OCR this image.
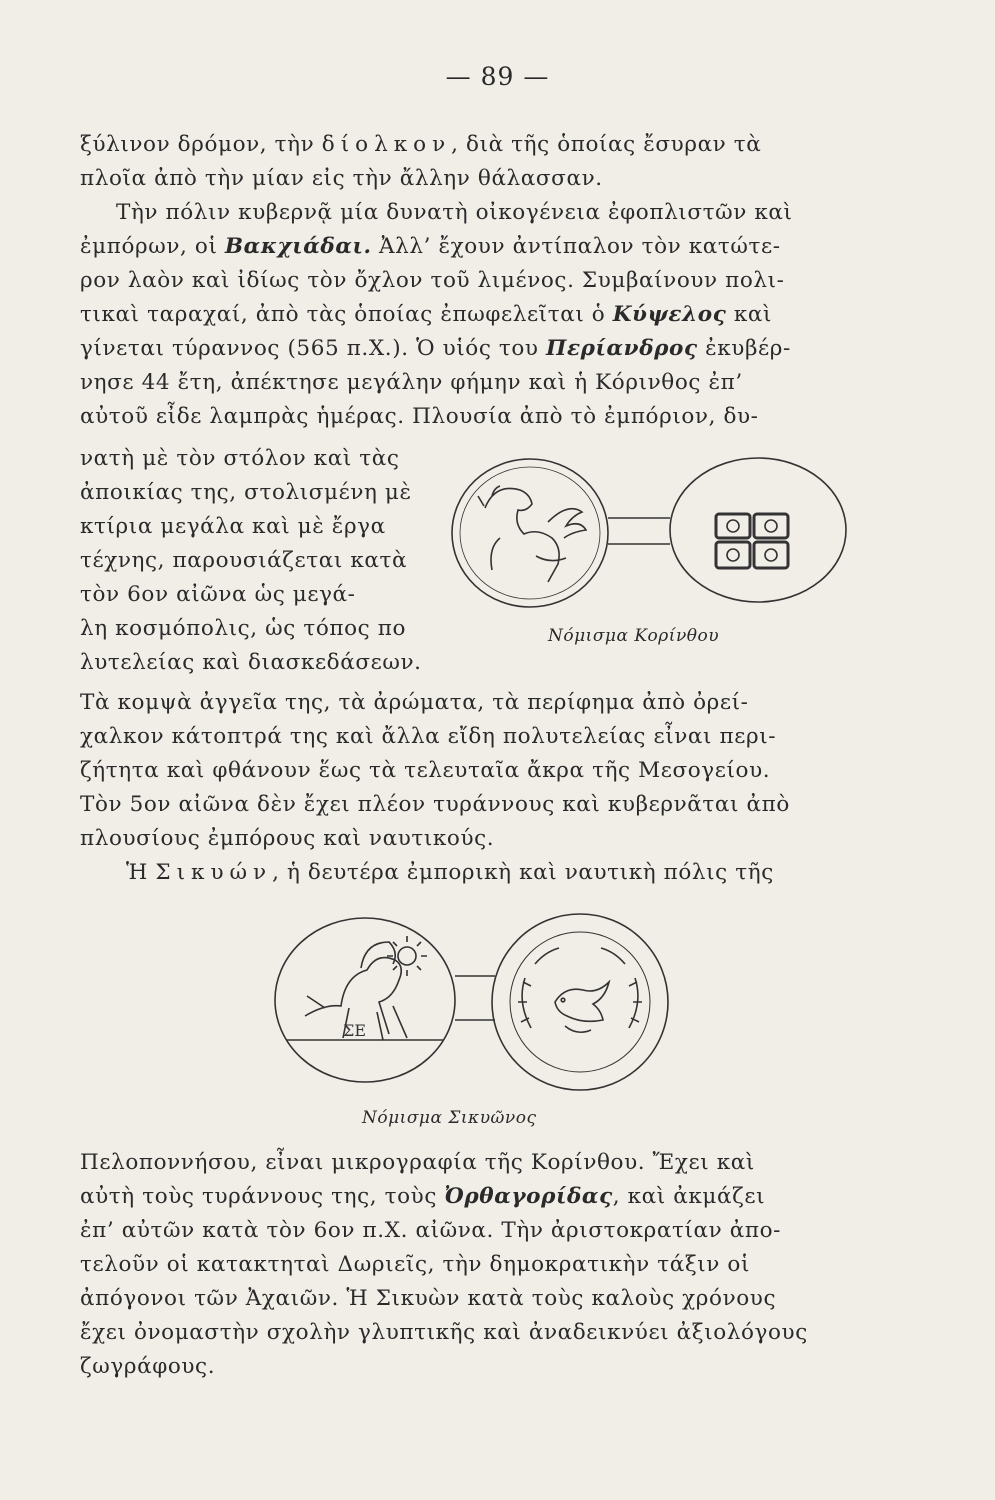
— 89 —
ξύλινον δρόμον, τὴν δίολκον, διὰ τῆς ὁποίας ἔσυραν τὰ
πλοῖα ἀπὸ τὴν μίαν εἰς τὴν ἄλλην θάλασσαν.
Τὴν πόλιν κυβερνᾷ μία δυνατὴ οἰκογένεια ἐφοπλιστῶν καὶ
ἐμπόρων, οἱ Βακχιάδαι. Ἀλλ’ ἔχουν ἀντίπαλον τὸν κατώτε-
ρον λαὸν καὶ ἰδίως τὸν ὄχλον τοῦ λιμένος. Συμβαίνουν πολι-
τικαὶ ταραχαί, ἀπὸ τὰς ὁποίας ἐπωφελεῖται ὁ Κύψελος καὶ
γίνεται τύραννος (565 π.Χ.). Ὁ υἱός του Περίανδρος ἐκυβέρ-
νησε 44 ἔτη, ἀπέκτησε μεγάλην φήμην καὶ ἡ Κόρινθος ἐπ’
αὐτοῦ εἶδε λαμπρὰς ἡμέρας. Πλουσία ἀπὸ τὸ ἐμπόριον, δυ-
νατὴ μὲ τὸν στόλον καὶ τὰς
ἀποικίας της, στολισμένη μὲ
κτίρια μεγάλα καὶ μὲ ἔργα
τέχνης, παρουσιάζεται κατὰ
τὸν 6ον αἰῶνα ὡς μεγά-
λη κοσμόπολις, ὡς τόπος πο
λυτελείας καὶ διασκεδάσεων.
Νόμισμα Κορίνθου
Τὰ κομψὰ ἀγγεῖα της, τὰ ἀρώματα, τὰ περίφημα ἀπὸ ὀρεί-
χαλκον κάτοπτρά της καὶ ἄλλα εἴδη πολυτελείας εἶναι περι-
ζήτητα καὶ φθάνουν ἕως τὰ τελευταῖα ἄκρα τῆς Μεσογείου.
Τὸν 5ον αἰῶνα δὲν ἔχει πλέον τυράννους καὶ κυβερνᾶται ἀπὸ
πλουσίους ἐμπόρους καὶ ναυτικούς.
Ἡ Σικυών, ἡ δευτέρα ἐμπορικὴ καὶ ναυτικὴ πόλις τῆς
ΣΕ
Νόμισμα Σικυῶνος
Πελοποννήσου, εἶναι μικρογραφία τῆς Κορίνθου. Ἔχει καὶ
αὐτὴ τοὺς τυράννους της, τοὺς Ὀρθαγορίδας, καὶ ἀκμάζει
ἐπ’ αὐτῶν κατὰ τὸν 6ον π.Χ. αἰῶνα. Τὴν ἀριστοκρατίαν ἀπο-
τελοῦν οἱ κατακτηταὶ Δωριεῖς, τὴν δημοκρατικὴν τάξιν οἱ
ἀπόγονοι τῶν Ἀχαιῶν. Ἡ Σικυὼν κατὰ τοὺς καλοὺς χρόνους
ἔχει ὀνομαστὴν σχολὴν γλυπτικῆς καὶ ἀναδεικνύει ἀξιολόγους
ζωγράφους.
